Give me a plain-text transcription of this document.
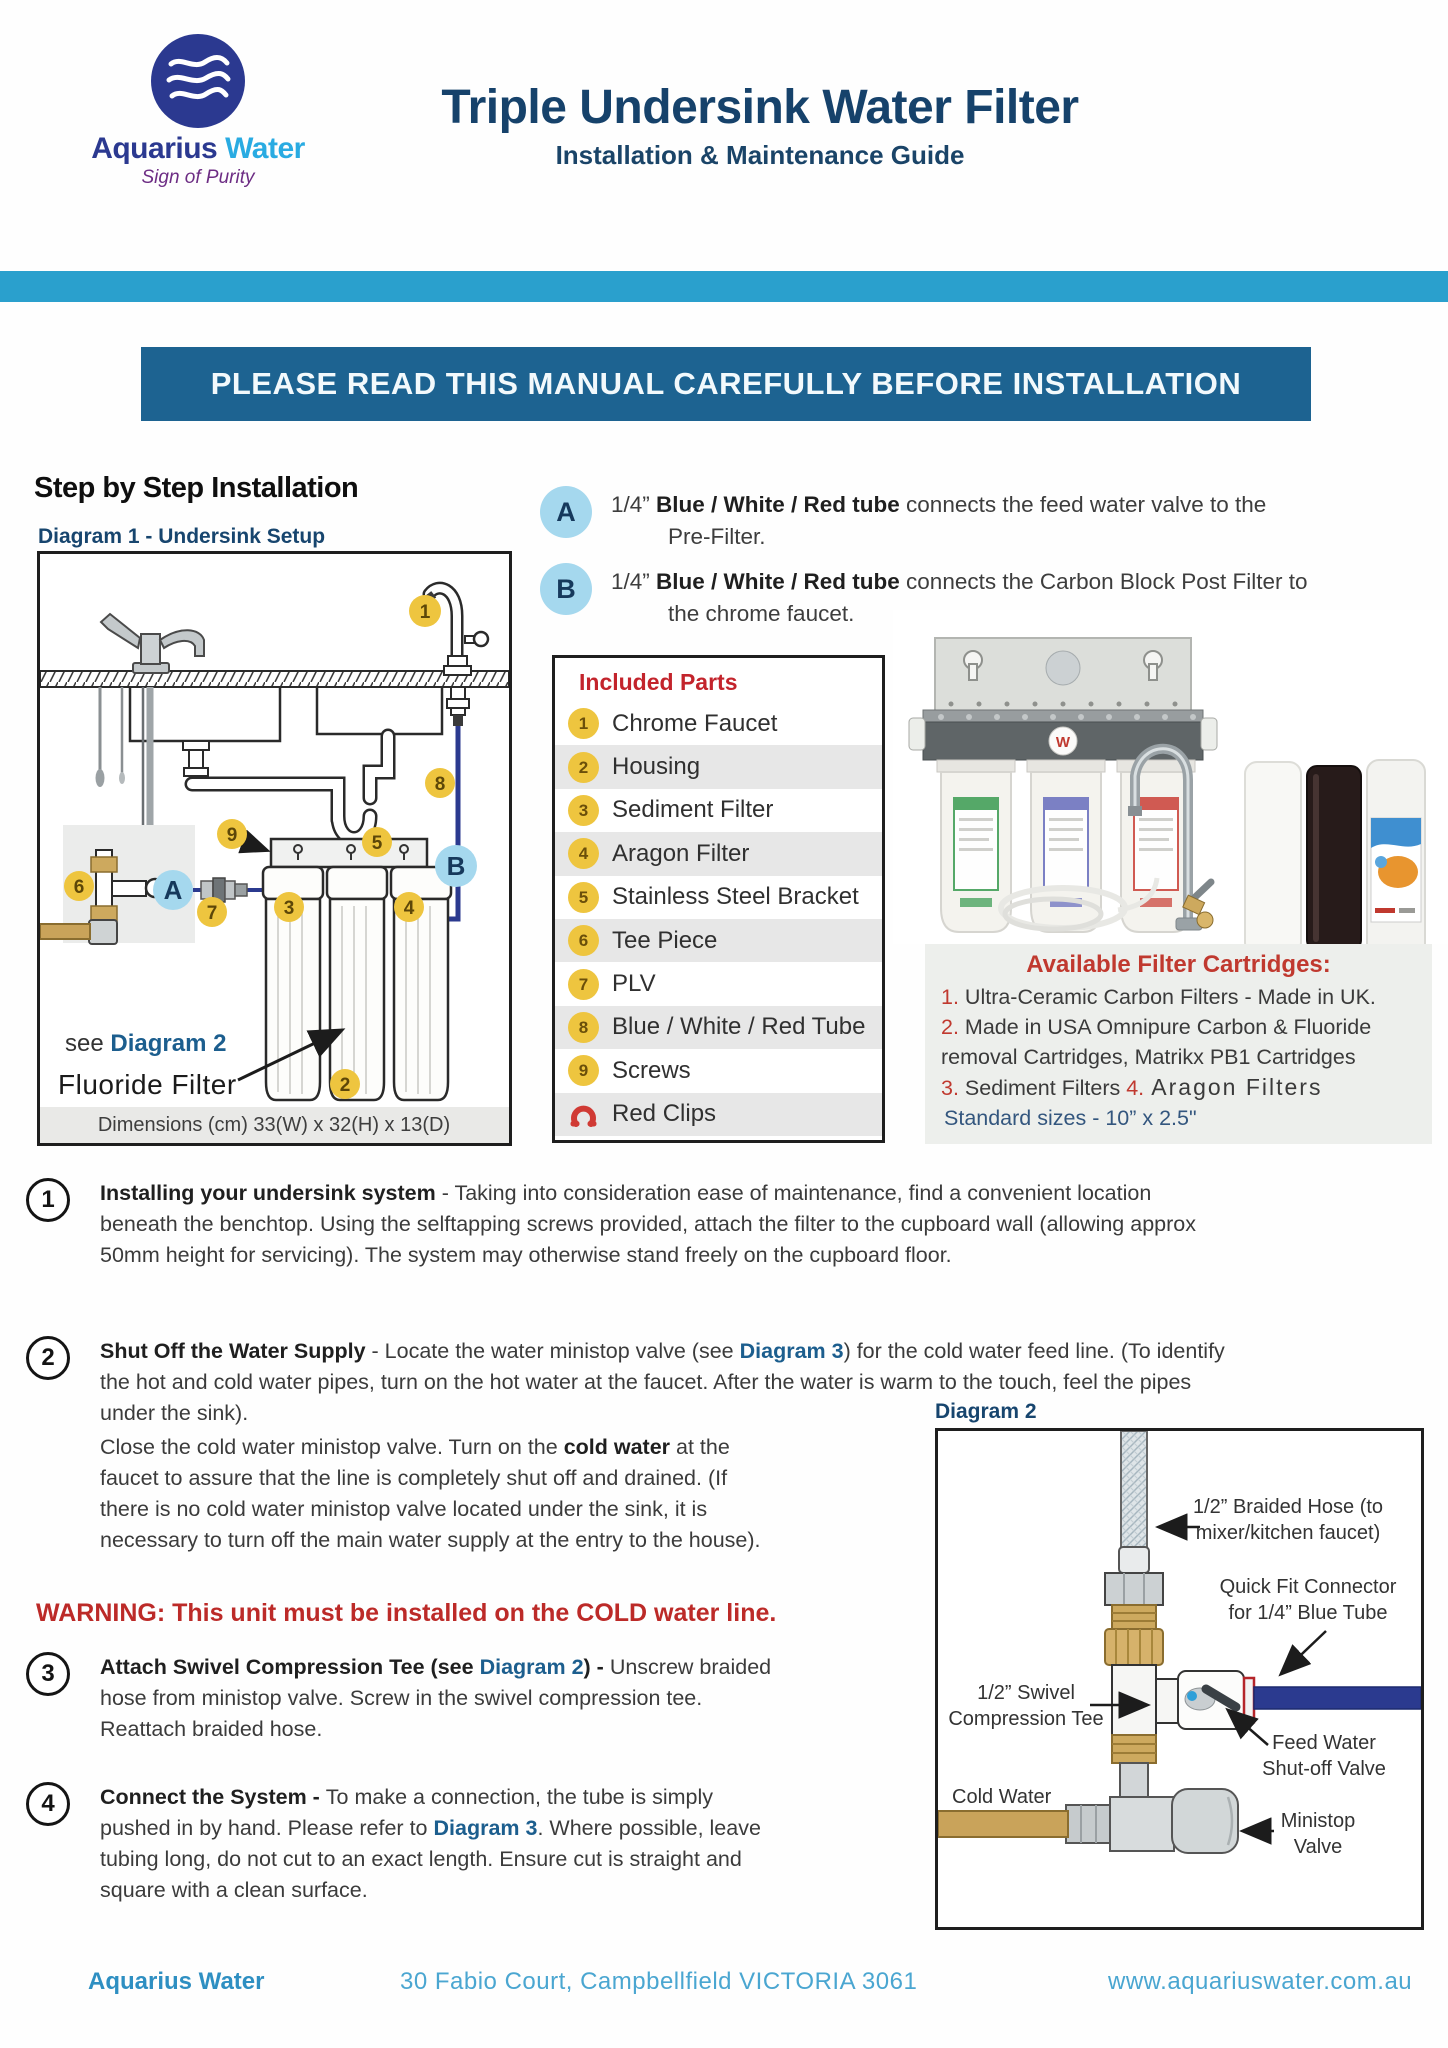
Aquarius Water
Sign of Purity
Triple Undersink Water Filter
Installation & Maintenance Guide
PLEASE READ THIS MANUAL CAREFULLY BEFORE INSTALLATION
Step by Step Installation
Diagram 1 - Undersink Setup
1
8
9	5
3	4
2
7
6	A
B
see Diagram 2
Fluoride Filter
Dimensions (cm) 33(W) x 32(H) x 13(D)
A	1/4” Blue / White / Red tube connects the feed water valve to the
Pre-Filter.
B	1/4” Blue / White / Red tube connects the Carbon Block Post Filter to
the chrome faucet.
Included Parts
1 Chrome Faucet
2 Housing
3 Sediment Filter
4 Aragon Filter
5 Stainless Steel Bracket
6 Tee Piece
7 PLV
8 Blue / White / Red Tube
9 Screws
Red Clips
W
Available Filter Cartridges:
1. Ultra-Ceramic Carbon Filters - Made in UK.
2. Made in USA Omnipure Carbon & Fluoride
removal Cartridges, Matrikx PB1 Cartridges
3. Sediment Filters 4. Aragon Filters
Standard sizes - 10” x 2.5"
1	Installing your undersink system - Taking into consideration ease of maintenance, find a convenient location
beneath the benchtop. Using the selftapping screws provided, attach the filter to the cupboard wall (allowing approx
50mm height for servicing). The system may otherwise stand freely on the cupboard floor.
2	Shut Off the Water Supply - Locate the water ministop valve (see Diagram 3) for the cold water feed line. (To identify
the hot and cold water pipes, turn on the hot water at the faucet. After the water is warm to the touch, feel the pipes
under the sink).
Close the cold water ministop valve. Turn on the cold water at the
faucet to assure that the line is completely shut off and drained. (If
there is no cold water ministop valve located under the sink, it is
necessary to turn off the main water supply at the entry to the house).
WARNING: This unit must be installed on the COLD water line.
3	Attach Swivel Compression Tee (see Diagram 2) - Unscrew braided
hose from ministop valve. Screw in the swivel compression tee.
Reattach braided hose.
4	Connect the System - To make a connection, the tube is simply
pushed in by hand. Please refer to Diagram 3. Where possible, leave
tubing long, do not cut to an exact length. Ensure cut is straight and
square with a clean surface.
Diagram 2
1/2” Braided Hose (to
mixer/kitchen faucet)
Quick Fit Connector
for 1/4” Blue Tube
1/2” Swivel
Compression Tee
Feed Water
Shut-off Valve
Cold Water
Ministop
Valve
Aquarius Water	30 Fabio Court, Campbellfield VICTORIA 3061	www.aquariuswater.com.au
